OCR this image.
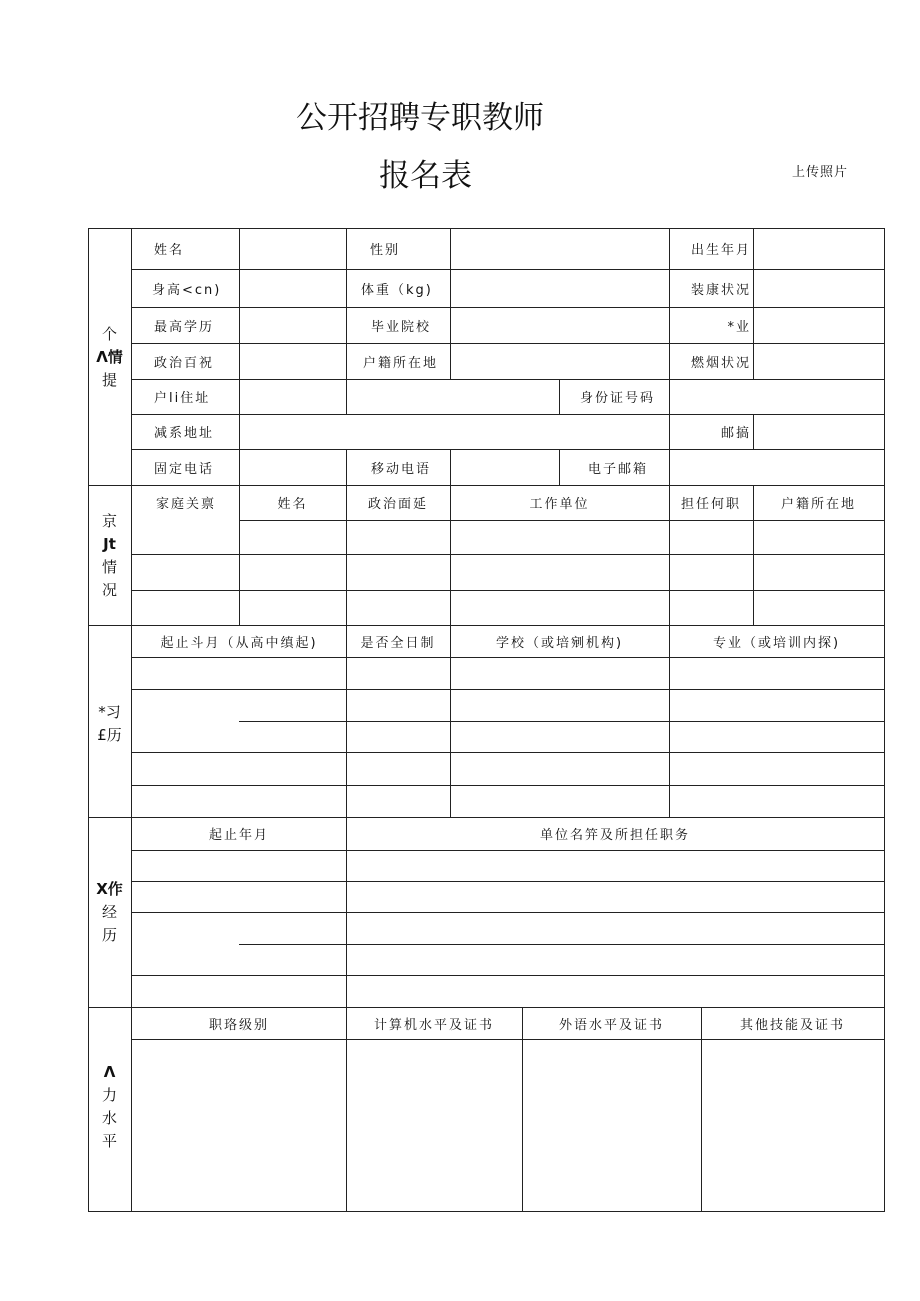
公开招聘专职教师
报名表	上传照片
个
Λ情
提
姓名	性别	出生年月
身高<cn)	体重（kg)	装康状况
最高学历	毕业院校	*业
政治百祝	户籍所在地	燃烟状况
户li住址	身份证号码
减系地址	邮搞
固定电话	移动电语	电子邮箱
京
Jt
情
况
家庭关禀	姓名	政治面延	工作单位	担任何职	户籍所在地
*习
£历
起止斗月（从高中缜起)	是否全日制	学校（或培剜机构)	专业（或培训内探)
X作
经
历
起止年月	单位名笄及所担任职务
Λ
力
水
平
职珞级别	计算机水平及证书	外语水平及证书	其他技能及证书
